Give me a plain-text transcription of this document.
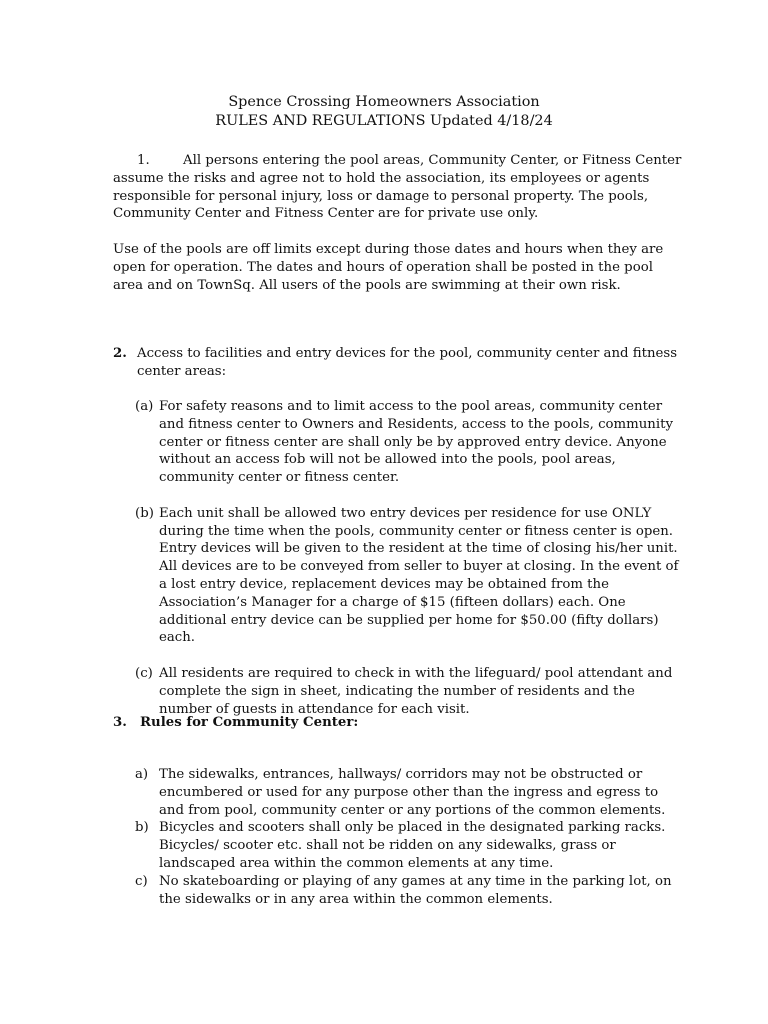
Spence Crossing Homeowners Association
RULES AND REGULATIONS Updated 4/18/24

1.	All persons entering the pool areas, Community Center, or Fitness Center assume the risks and agree not to hold the association, its employees or agents responsible for personal injury, loss or damage to personal property. The pools, Community Center and Fitness Center are for private use only.

Use of the pools are off limits except during those dates and hours when they are open for operation. The dates and hours of operation shall be posted in the pool area and on TownSq. All users of the pools are swimming at their own risk.

2. Access to facilities and entry devices for the pool, community center and fitness center areas:
(a) For safety reasons and to limit access to the pool areas, community center and fitness center to Owners and Residents, access to the pools, community center or fitness center are shall only be by approved entry device. Anyone without an access fob will not be allowed into the pools, pool areas, community center or fitness center.
(b) Each unit shall be allowed two entry devices per residence for use ONLY during the time when the pools, community center or fitness center is open. Entry devices will be given to the resident at the time of closing his/her unit. All devices are to be conveyed from seller to buyer at closing. In the event of a lost entry device, replacement devices may be obtained from the Association’s Manager for a charge of $15 (fifteen dollars) each. One additional entry device can be supplied per home for $50.00 (fifty dollars) each.
(c) All residents are required to check in with the lifeguard/ pool attendant and complete the sign in sheet, indicating the number of residents and the number of guests in attendance for each visit.
3. Rules for Community Center:
a) The sidewalks, entrances, hallways/ corridors may not be obstructed or encumbered or used for any purpose other than the ingress and egress to and from pool, community center or any portions of the common elements.
b) Bicycles and scooters shall only be placed in the designated parking racks. Bicycles/ scooter etc. shall not be ridden on any sidewalks, grass or landscaped area within the common elements at any time.
c) No skateboarding or playing of any games at any time in the parking lot, on the sidewalks or in any area within the common elements.
